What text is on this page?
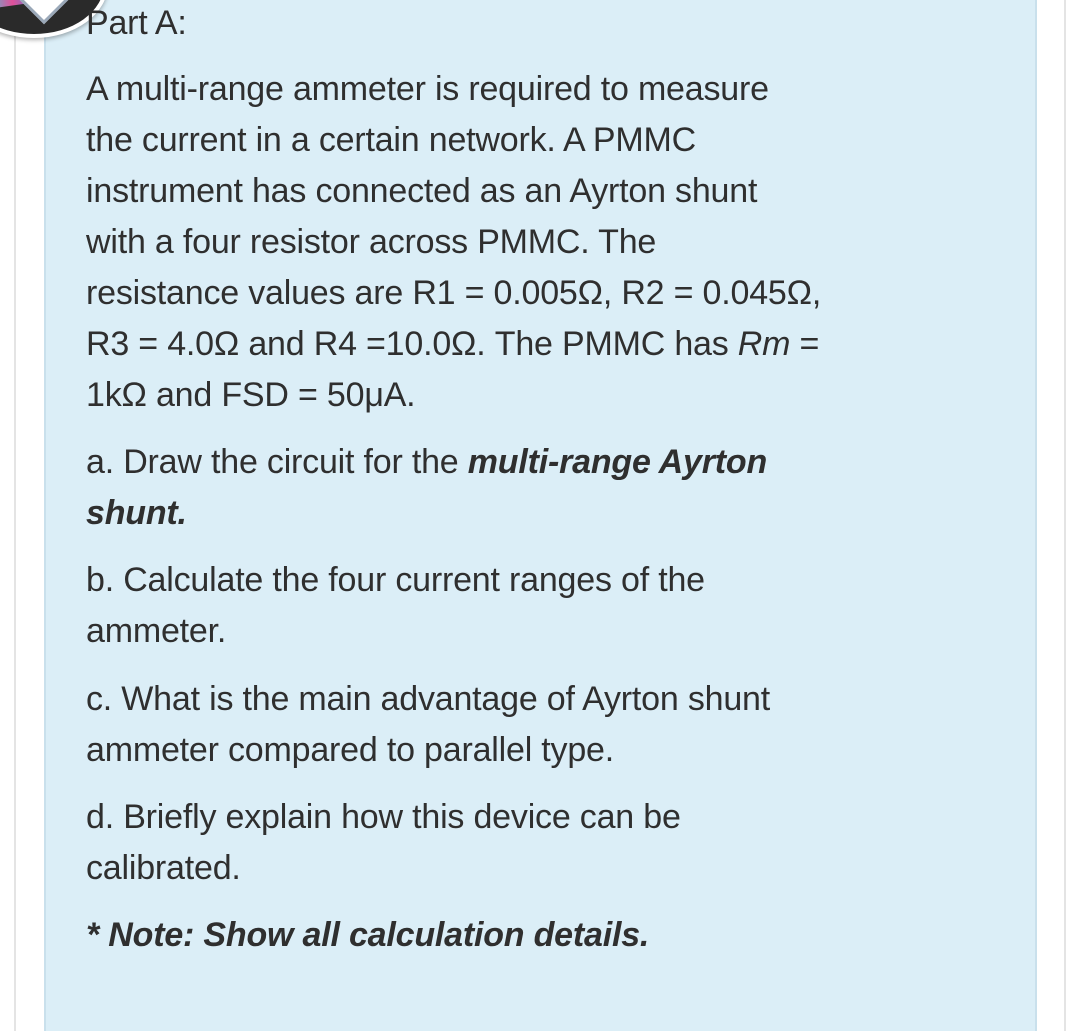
Part A:
A multi-range ammeter is required to measure
the current in a certain network. A PMMC
instrument has connected as an Ayrton shunt
with a four resistor across PMMC. The
resistance values are R1 = 0.005Ω, R2 = 0.045Ω,
R3 = 4.0Ω and R4 =10.0Ω. The PMMC has Rm =
1kΩ and FSD = 50μA.
a. Draw the circuit for the multi-range Ayrton
shunt.
b. Calculate the four current ranges of the
ammeter.
c. What is the main advantage of Ayrton shunt
ammeter compared to parallel type.
d. Briefly explain how this device can be
calibrated.
* Note: Show all calculation details.
